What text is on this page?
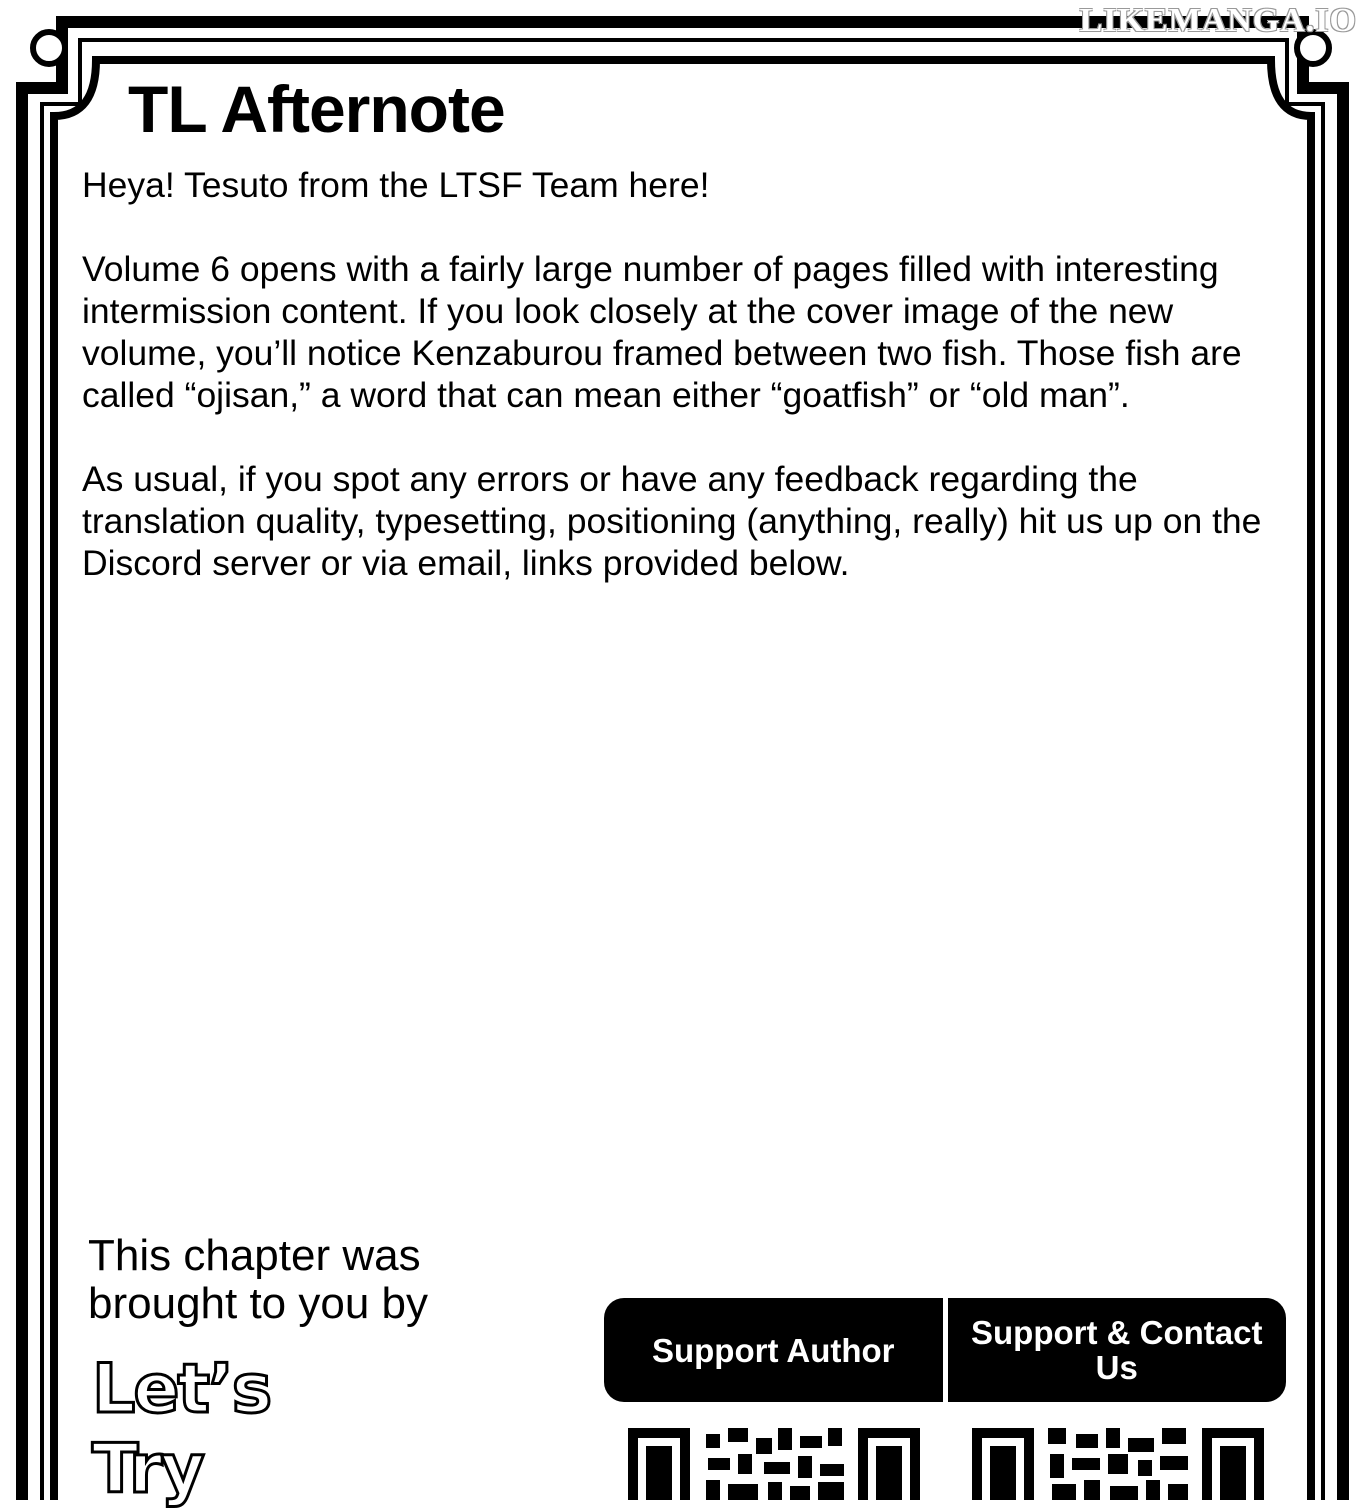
LIKEMANGA.IO
TL Afternote

Heya! Tesuto from the LTSF Team here!

Volume 6 opens with a fairly large number of pages filled with interesting intermission content. If you look closely at the cover image of the new volume, you’ll notice Kenzaburou framed between two fish. Those fish are called “ojisan,” a word that can mean either “goatfish” or “old man”.

As usual, if you spot any errors or have any feedback regarding the translation quality, typesetting, positioning (anything, really) hit us up on the Discord server or via email, links provided below.

This chapter was brought to you by
Let’s
Try
Support Author	Support & Contact Us
